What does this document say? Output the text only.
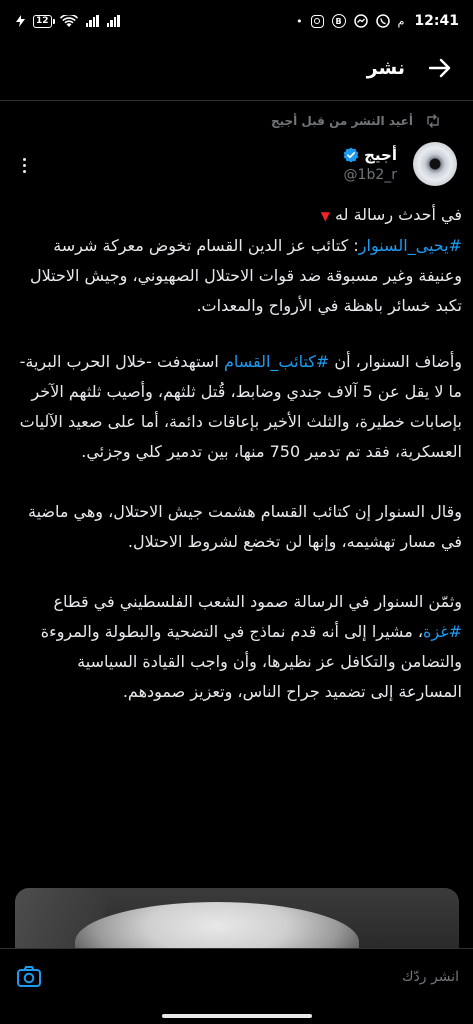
12	•	B	م 12:41
نشر
أعيد النشر من قبل أجيج
أجيج
@1b2_r

في أحدث رسالة له ▼
#يحيى_السنوار: كتائب عز الدين القسام تخوض معركة شرسة وعنيفة وغير مسبوقة ضد قوات الاحتلال الصهيوني، وجيش الاحتلال تكبد خسائر باهظة في الأرواح والمعدات.

وأضاف السنوار، أن #كتائب_القسام استهدفت -خلال الحرب البرية- ما لا يقل عن 5 آلاف جندي وضابط، قُتل ثلثهم، وأصيب ثلثهم الآخر بإصابات خطيرة، والثلث الأخير بإعاقات دائمة، أما على صعيد الآليات العسكرية، فقد تم تدمير 750 منها، بين تدمير كلي وجزئي.

وقال السنوار إن كتائب القسام هشمت جيش الاحتلال، وهي ماضية في مسار تهشيمه، وإنها لن تخضع لشروط الاحتلال.

وثمّن السنوار في الرسالة صمود الشعب الفلسطيني في قطاع #غزة، مشيرا إلى أنه قدم نماذج في التضحية والبطولة والمروءة والتضامن والتكافل عز نظيرها، وأن واجب القيادة السياسية المسارعة إلى تضميد جراح الناس، وتعزيز صمودهم.

انشر ردّك
